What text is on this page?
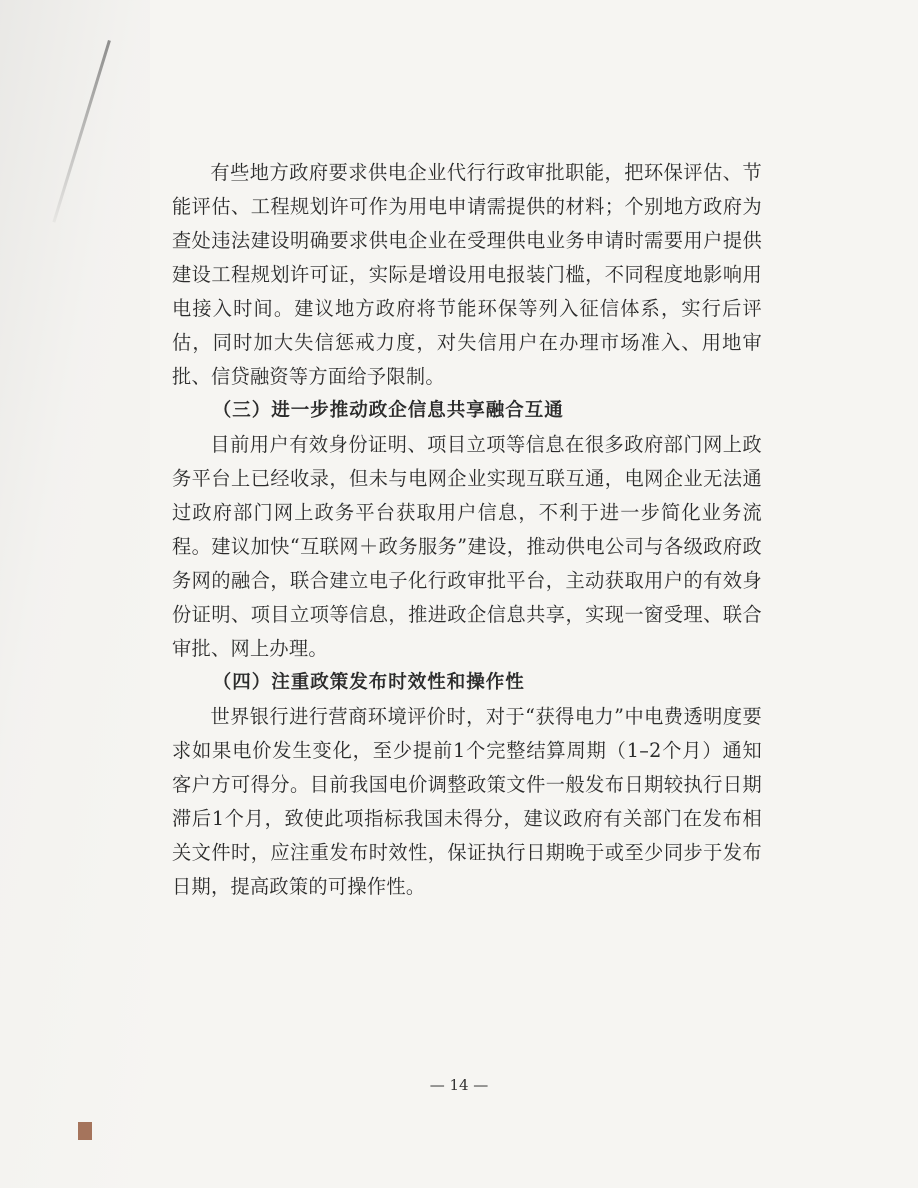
有些地方政府要求供电企业代行行政审批职能，把环保评估、节能评估、工程规划许可作为用电申请需提供的材料；个别地方政府为查处违法建设明确要求供电企业在受理供电业务申请时需要用户提供建设工程规划许可证，实际是增设用电报装门槛，不同程度地影响用电接入时间。建议地方政府将节能环保等列入征信体系，实行后评估，同时加大失信惩戒力度，对失信用户在办理市场准入、用地审批、信贷融资等方面给予限制。

（三）进一步推动政企信息共享融合互通

目前用户有效身份证明、项目立项等信息在很多政府部门网上政务平台上已经收录，但未与电网企业实现互联互通，电网企业无法通过政府部门网上政务平台获取用户信息，不利于进一步简化业务流程。建议加快“互联网＋政务服务”建设，推动供电公司与各级政府政务网的融合，联合建立电子化行政审批平台，主动获取用户的有效身份证明、项目立项等信息，推进政企信息共享，实现一窗受理、联合审批、网上办理。

（四）注重政策发布时效性和操作性

世界银行进行营商环境评价时，对于“获得电力”中电费透明度要求如果电价发生变化，至少提前1个完整结算周期（1–2个月）通知客户方可得分。目前我国电价调整政策文件一般发布日期较执行日期滞后1个月，致使此项指标我国未得分，建议政府有关部门在发布相关文件时，应注重发布时效性，保证执行日期晚于或至少同步于发布日期，提高政策的可操作性。

— 14 —
